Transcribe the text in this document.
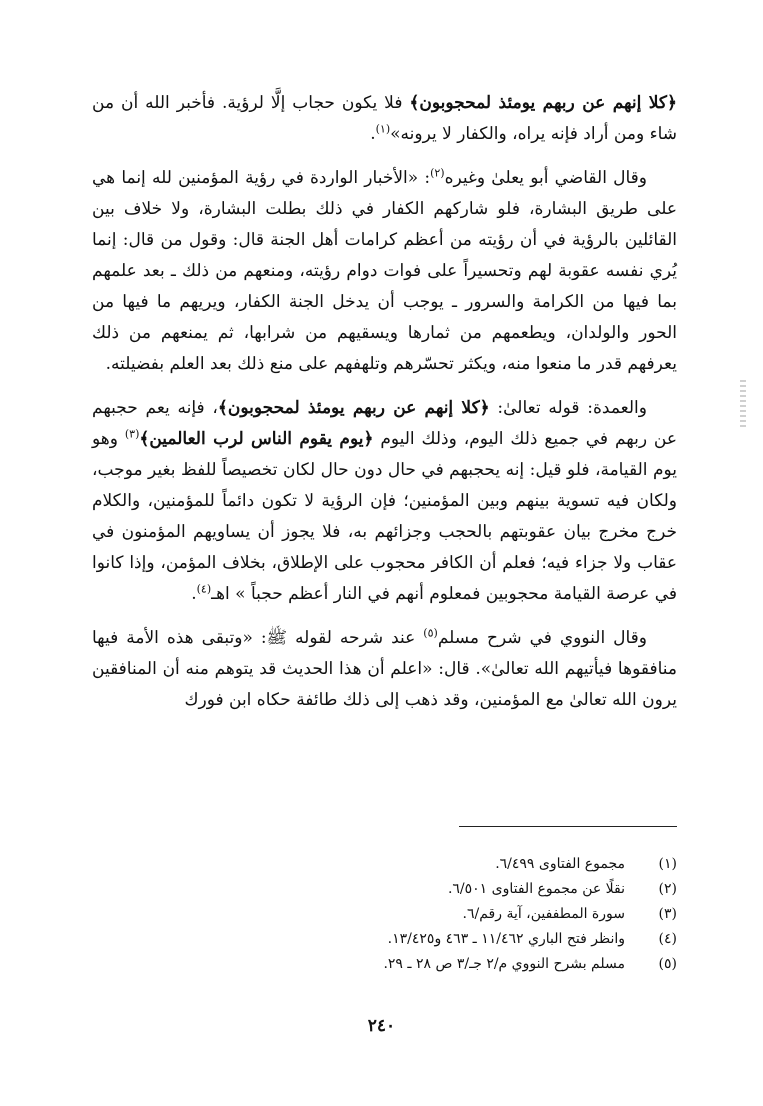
﴿كلا إنهم عن ربهم يومئذ لمحجوبون﴾ فلا يكون حجاب إلَّا لرؤية. فأخبر الله أن من شاء ومن أراد فإنه يراه، والكفار لا يرونه»$^{(١)}$.

وقال القاضي أبو يعلىٰ وغيره$^{(٢)}$: «الأخبار الواردة في رؤية المؤمنين لله إنما هي على طريق البشارة، فلو شاركهم الكفار في ذلك بطلت البشارة، ولا خلاف بين القائلين بالرؤية في أن رؤيته من أعظم كرامات أهل الجنة قال: وقول من قال: إنما يُري نفسه عقوبة لهم وتحسيراً على فوات دوام رؤيته، ومنعهم من ذلك ـ بعد علمهم بما فيها من الكرامة والسرور ـ يوجب أن يدخل الجنة الكفار، ويريهم ما فيها من الحور والولدان، ويطعمهم من ثمارها ويسقيهم من شرابها، ثم يمنعهم من ذلك يعرفهم قدر ما منعوا منه، ويكثر تحسّرهم وتلهفهم على منع ذلك بعد العلم بفضيلته.

والعمدة: قوله تعالىٰ: ﴿كلا إنهم عن ربهم يومئذ لمحجوبون﴾، فإنه يعم حجبهم عن ربهم في جميع ذلك اليوم، وذلك اليوم ﴿يوم يقوم الناس لرب العالمين﴾$^{(٣)}$ وهو يوم القيامة، فلو قيل: إنه يحجبهم في حال دون حال لكان تخصيصاً للفظ بغير موجب، ولكان فيه تسوية بينهم وبين المؤمنين؛ فإن الرؤية لا تكون دائماً للمؤمنين، والكلام خرج مخرج بيان عقوبتهم بالحجب وجزائهم به، فلا يجوز أن يساويهم المؤمنون في عقاب ولا جزاء فيه؛ فعلم أن الكافر محجوب على الإطلاق، بخلاف المؤمن، وإذا كانوا في عرصة القيامة محجوبين فمعلوم أنهم في النار أعظم حجباً » اهـ$^{(٤)}$.

وقال النووي في شرح مسلم$^{(٥)}$ عند شرحه لقوله ﷺ: «وتبقى هذه الأمة فيها منافقوها فيأتيهم الله تعالىٰ». قال: «اعلم أن هذا الحديث قد يتوهم منه أن المنافقين يرون الله تعالىٰ مع المؤمنين، وقد ذهب إلى ذلك طائفة حكاه ابن فورك

(١)
مجموع الفتاوى ٦/٤٩٩.
(٢)
نقلًا عن مجموع الفتاوى ٦/٥٠١.
(٣)
سورة المطففين، آية رقم/٦.
(٤)
وانظر فتح الباري ١١/٤٦٢ ـ ٤٦٣ و١٣/٤٢٥.
(٥)
مسلم بشرح النووي م/٢ جـ/٣ ص ٢٨ ـ ٢٩.
٢٤٠
